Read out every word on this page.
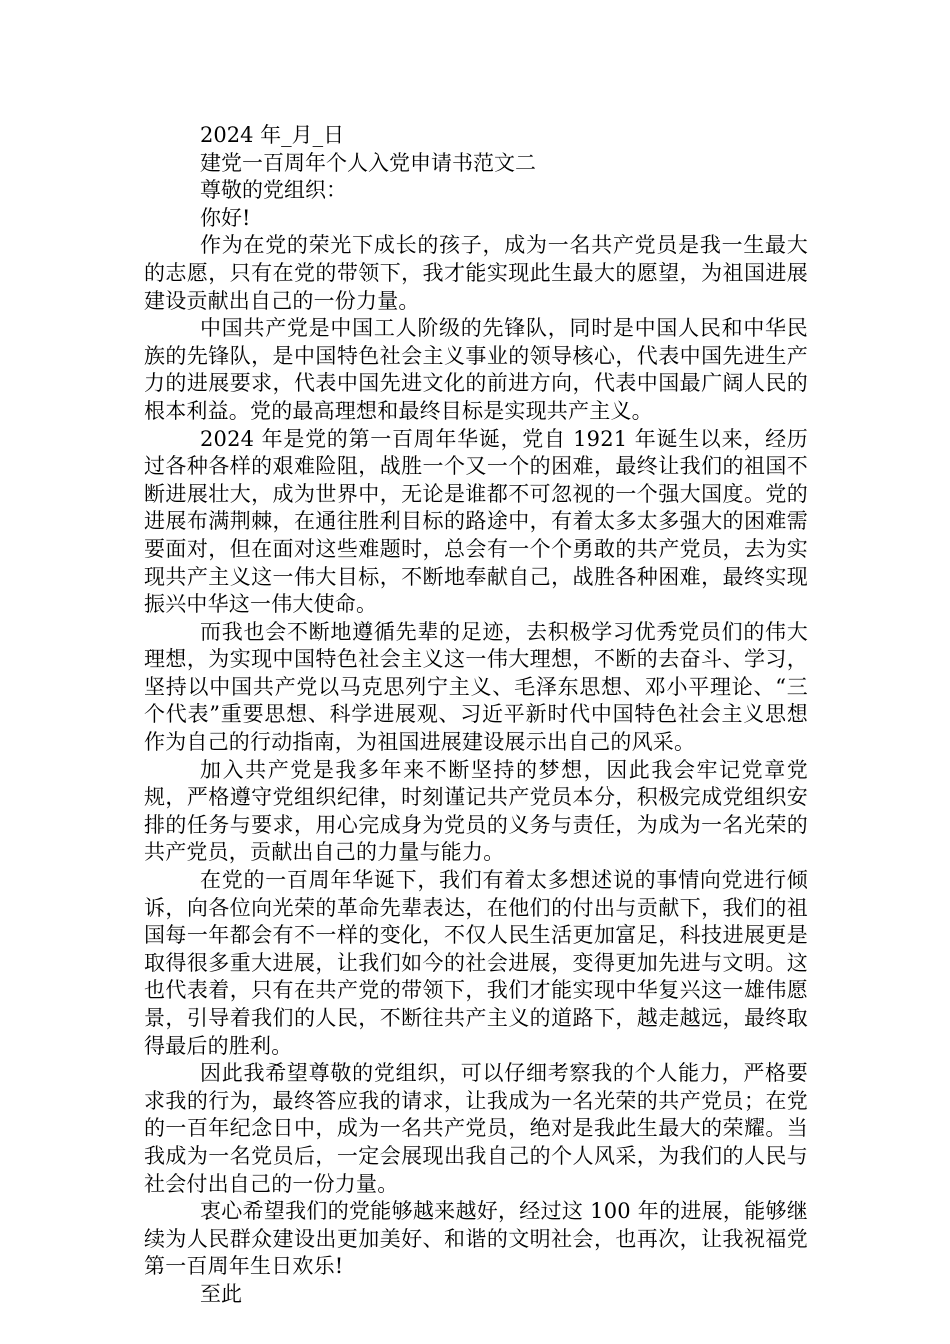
2024 年_月_日

建党一百周年个人入党申请书范文二

尊敬的党组织：

你好!

作为在党的荣光下成长的孩子，成为一名共产党员是我一生最大的志愿，只有在党的带领下，我才能实现此生最大的愿望，为祖国进展建设贡献出自己的一份力量。

中国共产党是中国工人阶级的先锋队，同时是中国人民和中华民族的先锋队，是中国特色社会主义事业的领导核心，代表中国先进生产力的进展要求，代表中国先进文化的前进方向，代表中国最广阔人民的根本利益。党的最高理想和最终目标是实现共产主义。

2024 年是党的第一百周年华诞，党自 1921 年诞生以来，经历过各种各样的艰难险阻，战胜一个又一个的困难，最终让我们的祖国不断进展壮大，成为世界中，无论是谁都不可忽视的一个强大国度。党的进展布满荆棘，在通往胜利目标的路途中，有着太多太多强大的困难需要面对，但在面对这些难题时，总会有一个个勇敢的共产党员，去为实现共产主义这一伟大目标，不断地奉献自己，战胜各种困难，最终实现振兴中华这一伟大使命。

而我也会不断地遵循先辈的足迹，去积极学习优秀党员们的伟大理想，为实现中国特色社会主义这一伟大理想，不断的去奋斗、学习，坚持以中国共产党以马克思列宁主义、毛泽东思想、邓小平理论、“三个代表”重要思想、科学进展观、习近平新时代中国特色社会主义思想作为自己的行动指南，为祖国进展建设展示出自己的风采。

加入共产党是我多年来不断坚持的梦想，因此我会牢记党章党规，严格遵守党组织纪律，时刻谨记共产党员本分，积极完成党组织安排的任务与要求，用心完成身为党员的义务与责任，为成为一名光荣的共产党员，贡献出自己的力量与能力。

在党的一百周年华诞下，我们有着太多想述说的事情向党进行倾诉，向各位向光荣的革命先辈表达，在他们的付出与贡献下，我们的祖国每一年都会有不一样的变化，不仅人民生活更加富足，科技进展更是取得很多重大进展，让我们如今的社会进展，变得更加先进与文明。这也代表着，只有在共产党的带领下，我们才能实现中华复兴这一雄伟愿景，引导着我们的人民，不断往共产主义的道路下，越走越远，最终取得最后的胜利。

因此我希望尊敬的党组织，可以仔细考察我的个人能力，严格要求我的行为，最终答应我的请求，让我成为一名光荣的共产党员；在党的一百年纪念日中，成为一名共产党员，绝对是我此生最大的荣耀。当我成为一名党员后，一定会展现出我自己的个人风采，为我们的人民与社会付出自己的一份力量。

衷心希望我们的党能够越来越好，经过这 100 年的进展，能够继续为人民群众建设出更加美好、和谐的文明社会，也再次，让我祝福党第一百周年生日欢乐!

至此
